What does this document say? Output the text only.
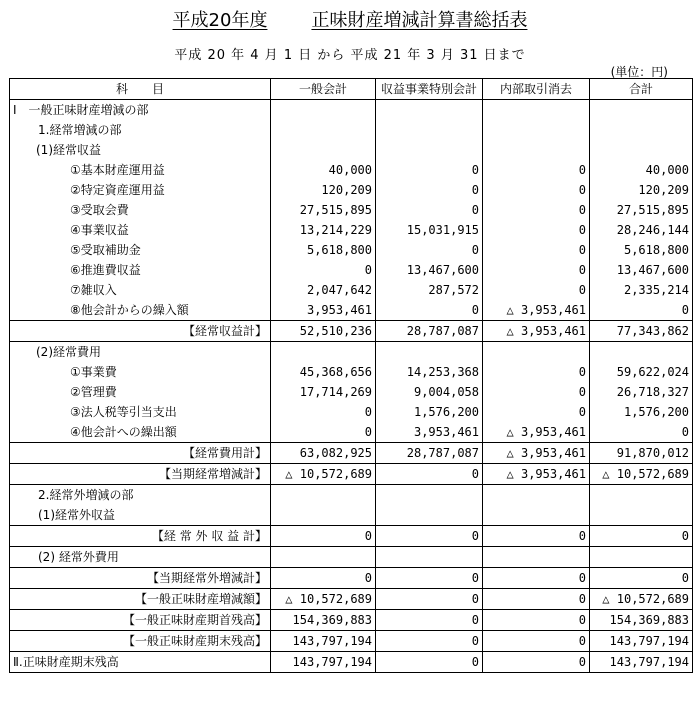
平成20年度 正味財産増減計算書総括表
平成 20 年 4 月 1 日 から 平成 21 年 3 月 31 日まで
(単位：円)
科　　目	一般会計	収益事業特別会計	内部取引消去	合計
Ⅰ　一般正味財産増減の部				
1.経常増減の部				
(1)経常収益				
①基本財産運用益	40,000	0	0	40,000
②特定資産運用益	120,209	0	0	120,209
③受取会費	27,515,895	0	0	27,515,895
④事業収益	13,214,229	15,031,915	0	28,246,144
⑤受取補助金	5,618,800	0	0	5,618,800
⑥推進費収益	0	13,467,600	0	13,467,600
⑦雑収入	2,047,642	287,572	0	2,335,214
⑧他会計からの繰入額	3,953,461	0	△ 3,953,461	0
【経常収益計】	52,510,236	28,787,087	△ 3,953,461	77,343,862
(2)経常費用				
①事業費	45,368,656	14,253,368	0	59,622,024
②管理費	17,714,269	9,004,058	0	26,718,327
③法人税等引当支出	0	1,576,200	0	1,576,200
④他会計への繰出額	0	3,953,461	△ 3,953,461	0
【経常費用計】	63,082,925	28,787,087	△ 3,953,461	91,870,012
【当期経常増減計】	△ 10,572,689	0	△ 3,953,461	△ 10,572,689
2.経常外増減の部				
(1)経常外収益				
【経 常 外 収 益 計】	0	0	0	0
(2) 経常外費用				
【当期経常外増減計】	0	0	0	0
【一般正味財産増減額】	△ 10,572,689	0	0	△ 10,572,689
【一般正味財産期首残高】	154,369,883	0	0	154,369,883
【一般正味財産期末残高】	143,797,194	0	0	143,797,194
Ⅱ.正味財産期末残高	143,797,194	0	0	143,797,194
